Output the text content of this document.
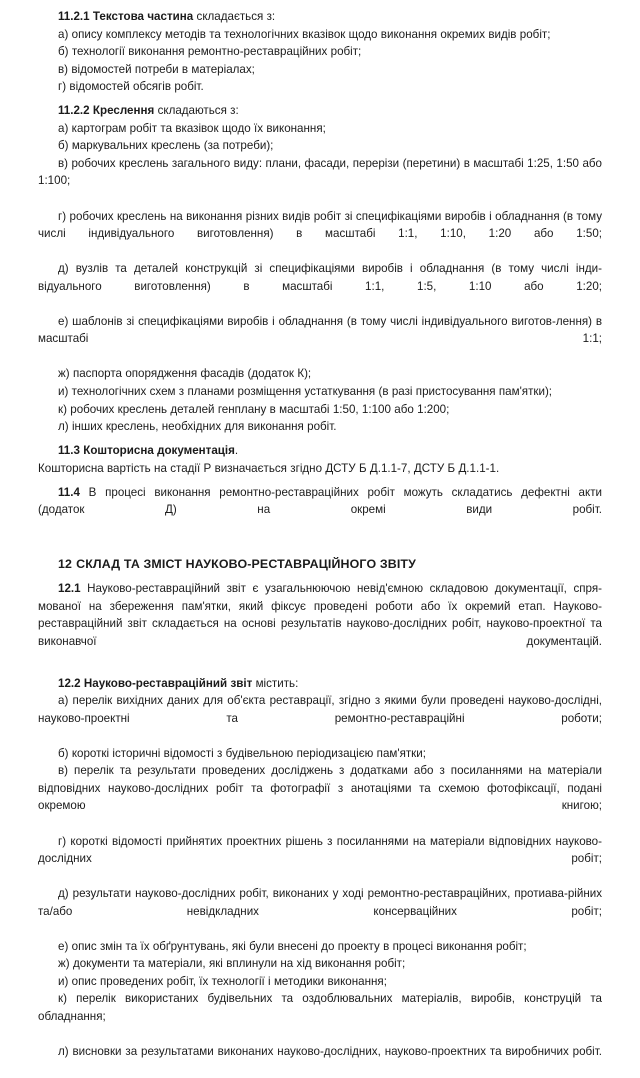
11.2.1 Текстова частина складається з:

а) опису комплексу методів та технологічних вказівок щодо виконання окремих видів робіт;

б) технології виконання ремонтно-реставраційних робіт;

в) відомостей потреби в матеріалах;

г) відомостей обсягів робіт.

11.2.2 Креслення складаються з:

а) картограм робіт та вказівок щодо їх виконання;

б) маркувальних креслень (за потреби);

в) робочих креслень загального виду: плани, фасади, перерізи (перетини) в масштабі 1:25, 1:50 або 1:100;

г) робочих креслень на виконання різних видів робіт зі специфікаціями виробів і обладнання (в тому числі індивідуального виготовлення) в масштабі 1:1, 1:10, 1:20 або 1:50;

д) вузлів та деталей конструкцій зі специфікаціями виробів і обладнання (в тому числі інди-відуального виготовлення) в масштабі 1:1, 1:5, 1:10 або 1:20;

е) шаблонів зі специфікаціями виробів і обладнання (в тому числі індивідуального виготов-лення) в масштабі 1:1;

ж) паспорта опорядження фасадів (додаток К);

и) технологічних схем з планами розміщення устаткування (в разі пристосування пам'ятки);

к) робочих креслень деталей генплану в масштабі 1:50, 1:100 або 1:200;

л) інших креслень, необхідних для виконання робіт.

11.3 Кошторисна документація.

Кошторисна вартість на стадії Р визначається згідно ДСТУ Б Д.1.1-7, ДСТУ Б Д.1.1-1.

11.4 В процесі виконання ремонтно-реставраційних робіт можуть складатись дефектні акти (додаток Д) на окремі види робіт.

12 СКЛАД ТА ЗМІСТ НАУКОВО-РЕСТАВРАЦІЙНОГО ЗВІТУ

12.1 Науково-реставраційний звіт є узагальнюючою невід'ємною складовою документації, спря-мованої на збереження пам'ятки, який фіксує проведені роботи або їх окремий етап. Науково-реставраційний звіт складається на основі результатів науково-дослідних робіт, науково-проектної та виконавчої документацій.

12.2 Науково-реставраційний звіт містить:

а) перелік вихідних даних для об'єкта реставрації, згідно з якими були проведені науково-дослідні, науково-проектні та ремонтно-реставраційні роботи;

б) короткі історичні відомості з будівельною періодизацією пам'ятки;

в) перелік та результати проведених досліджень з додатками або з посиланнями на матеріали відповідних науково-дослідних робіт та фотографії з анотаціями та схемою фотофіксації, подані окремою книгою;

г) короткі відомості прийнятих проектних рішень з посиланнями на матеріали відповідних науково-дослідних робіт;

д) результати науково-дослідних робіт, виконаних у ході ремонтно-реставраційних, протиава-рійних та/або невідкладних консерваційних робіт;

е) опис змін та їх обґрунтувань, які були внесені до проекту в процесі виконання робіт;

ж) документи та матеріали, які вплинули на хід виконання робіт;

и) опис проведених робіт, їх технології і методики виконання;

к) перелік використаних будівельних та оздоблювальних матеріалів, виробів, конструцій та обладнання;

л) висновки за результатами виконаних науково-дослідних, науково-проектних та виробничих робіт.
